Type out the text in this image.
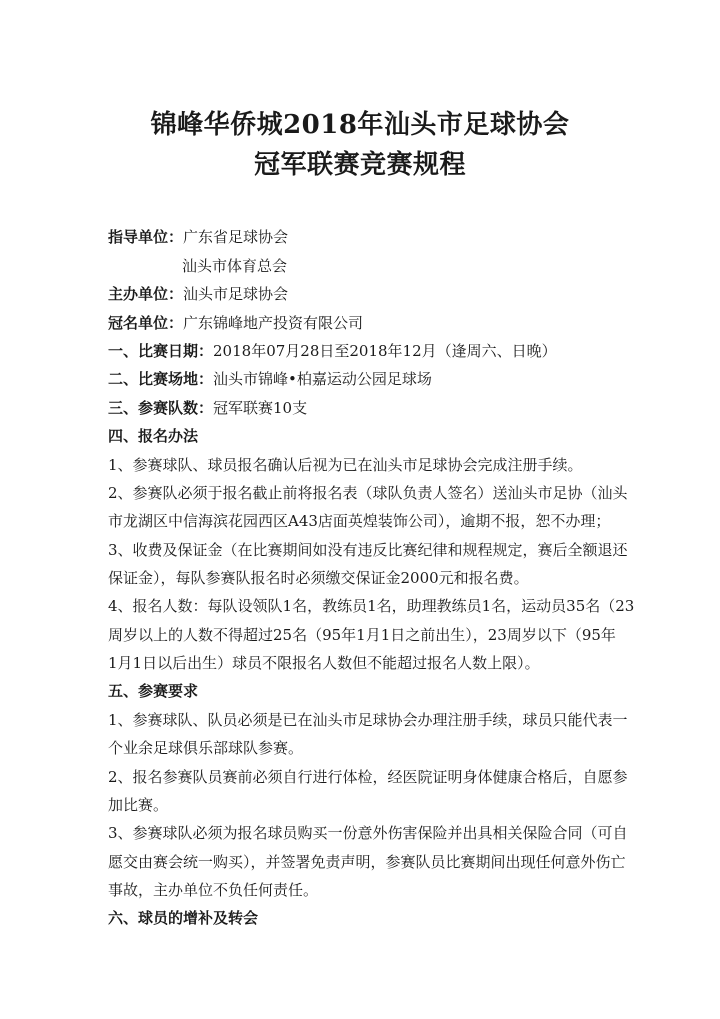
锦峰华侨城2018年汕头市足球协会
冠军联赛竞赛规程
指导单位：广东省足球协会
汕头市体育总会
主办单位：汕头市足球协会
冠名单位：广东锦峰地产投资有限公司
一、比赛日期：2018年07月28日至2018年12月（逢周六、日晚）
二、比赛场地：汕头市锦峰•柏嘉运动公园足球场
三、参赛队数：冠军联赛10支
四、报名办法
1、参赛球队、球员报名确认后视为已在汕头市足球协会完成注册手续。
2、参赛队必须于报名截止前将报名表（球队负责人签名）送汕头市足协（汕头
市龙湖区中信海滨花园西区A43店面英煌装饰公司），逾期不报，恕不办理；
3、收费及保证金（在比赛期间如没有违反比赛纪律和规程规定，赛后全额退还
保证金），每队参赛队报名时必须缴交保证金2000元和报名费。
4、报名人数：每队设领队1名，教练员1名，助理教练员1名，运动员35名（23
周岁以上的人数不得超过25名（95年1月1日之前出生），23周岁以下（95年
1月1日以后出生）球员不限报名人数但不能超过报名人数上限）。
五、参赛要求
1、参赛球队、队员必须是已在汕头市足球协会办理注册手续，球员只能代表一
个业余足球俱乐部球队参赛。
2、报名参赛队员赛前必须自行进行体检，经医院证明身体健康合格后，自愿参
加比赛。
3、参赛球队必须为报名球员购买一份意外伤害保险并出具相关保险合同（可自
愿交由赛会统一购买），并签署免责声明，参赛队员比赛期间出现任何意外伤亡
事故，主办单位不负任何责任。
六、球员的增补及转会
